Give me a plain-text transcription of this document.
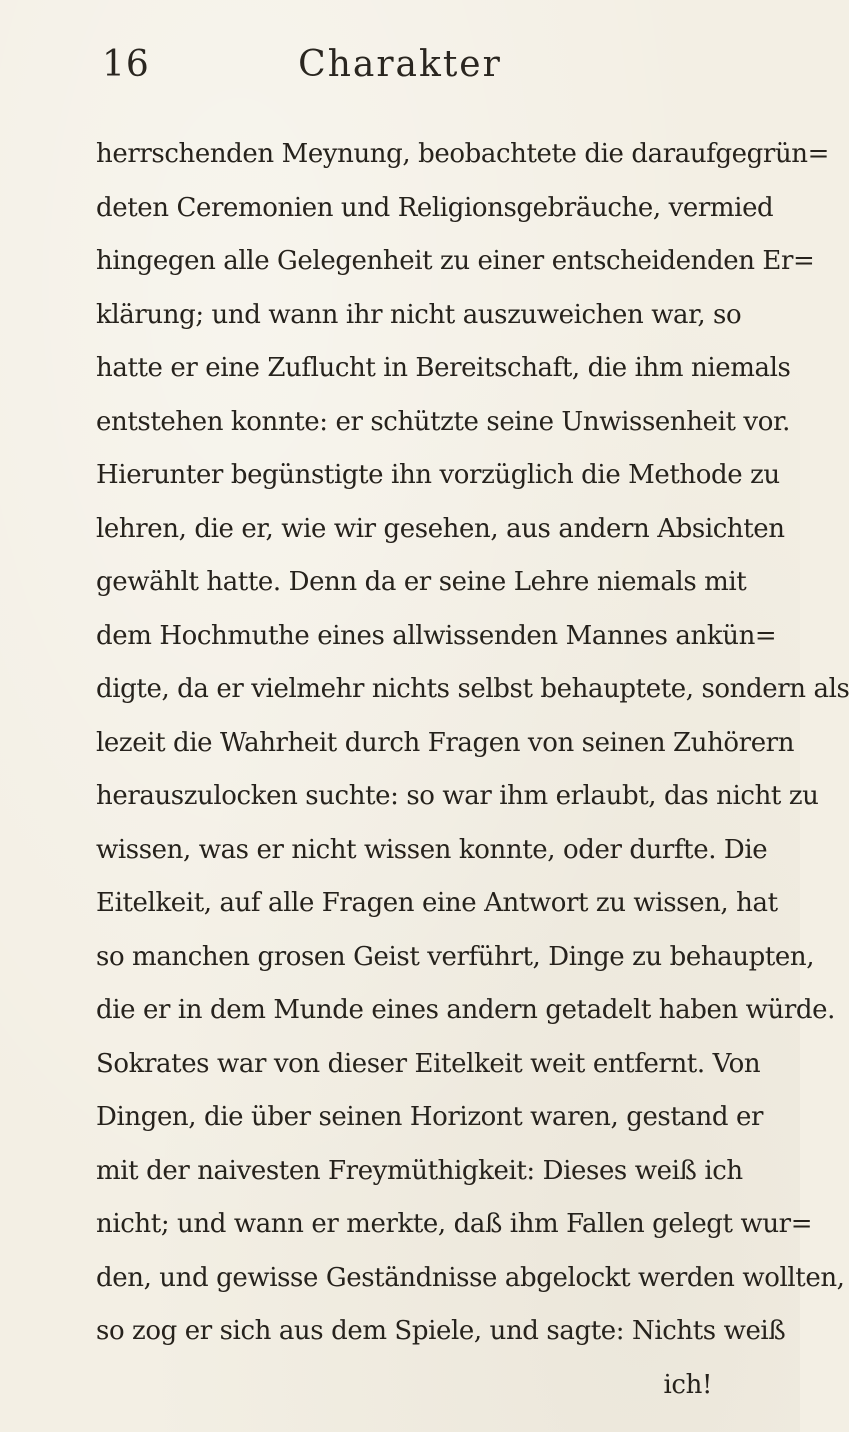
16	Charakter
herrschenden Meynung, beobachtete die daraufgegrün=
deten Ceremonien und Religionsgebräuche, vermied
hingegen alle Gelegenheit zu einer entscheidenden Er=
klärung; und wann ihr nicht auszuweichen war, so
hatte er eine Zuflucht in Bereitschaft, die ihm niemals
entstehen konnte: er schützte seine Unwissenheit vor.
Hierunter begünstigte ihn vorzüglich die Methode zu
lehren, die er, wie wir gesehen, aus andern Absichten
gewählt hatte. Denn da er seine Lehre niemals mit
dem Hochmuthe eines allwissenden Mannes ankün=
digte, da er vielmehr nichts selbst behauptete, sondern als
lezeit die Wahrheit durch Fragen von seinen Zuhörern
herauszulocken suchte: so war ihm erlaubt, das nicht zu
wissen, was er nicht wissen konnte, oder durfte. Die
Eitelkeit, auf alle Fragen eine Antwort zu wissen, hat
so manchen grosen Geist verführt, Dinge zu behaupten,
die er in dem Munde eines andern getadelt haben würde.
Sokrates war von dieser Eitelkeit weit entfernt. Von
Dingen, die über seinen Horizont waren, gestand er
mit der naivesten Freymüthigkeit: Dieses weiß ich
nicht; und wann er merkte, daß ihm Fallen gelegt wur=
den, und gewisse Geständnisse abgelockt werden wollten,
so zog er sich aus dem Spiele, und sagte: Nichts weiß
ich!
